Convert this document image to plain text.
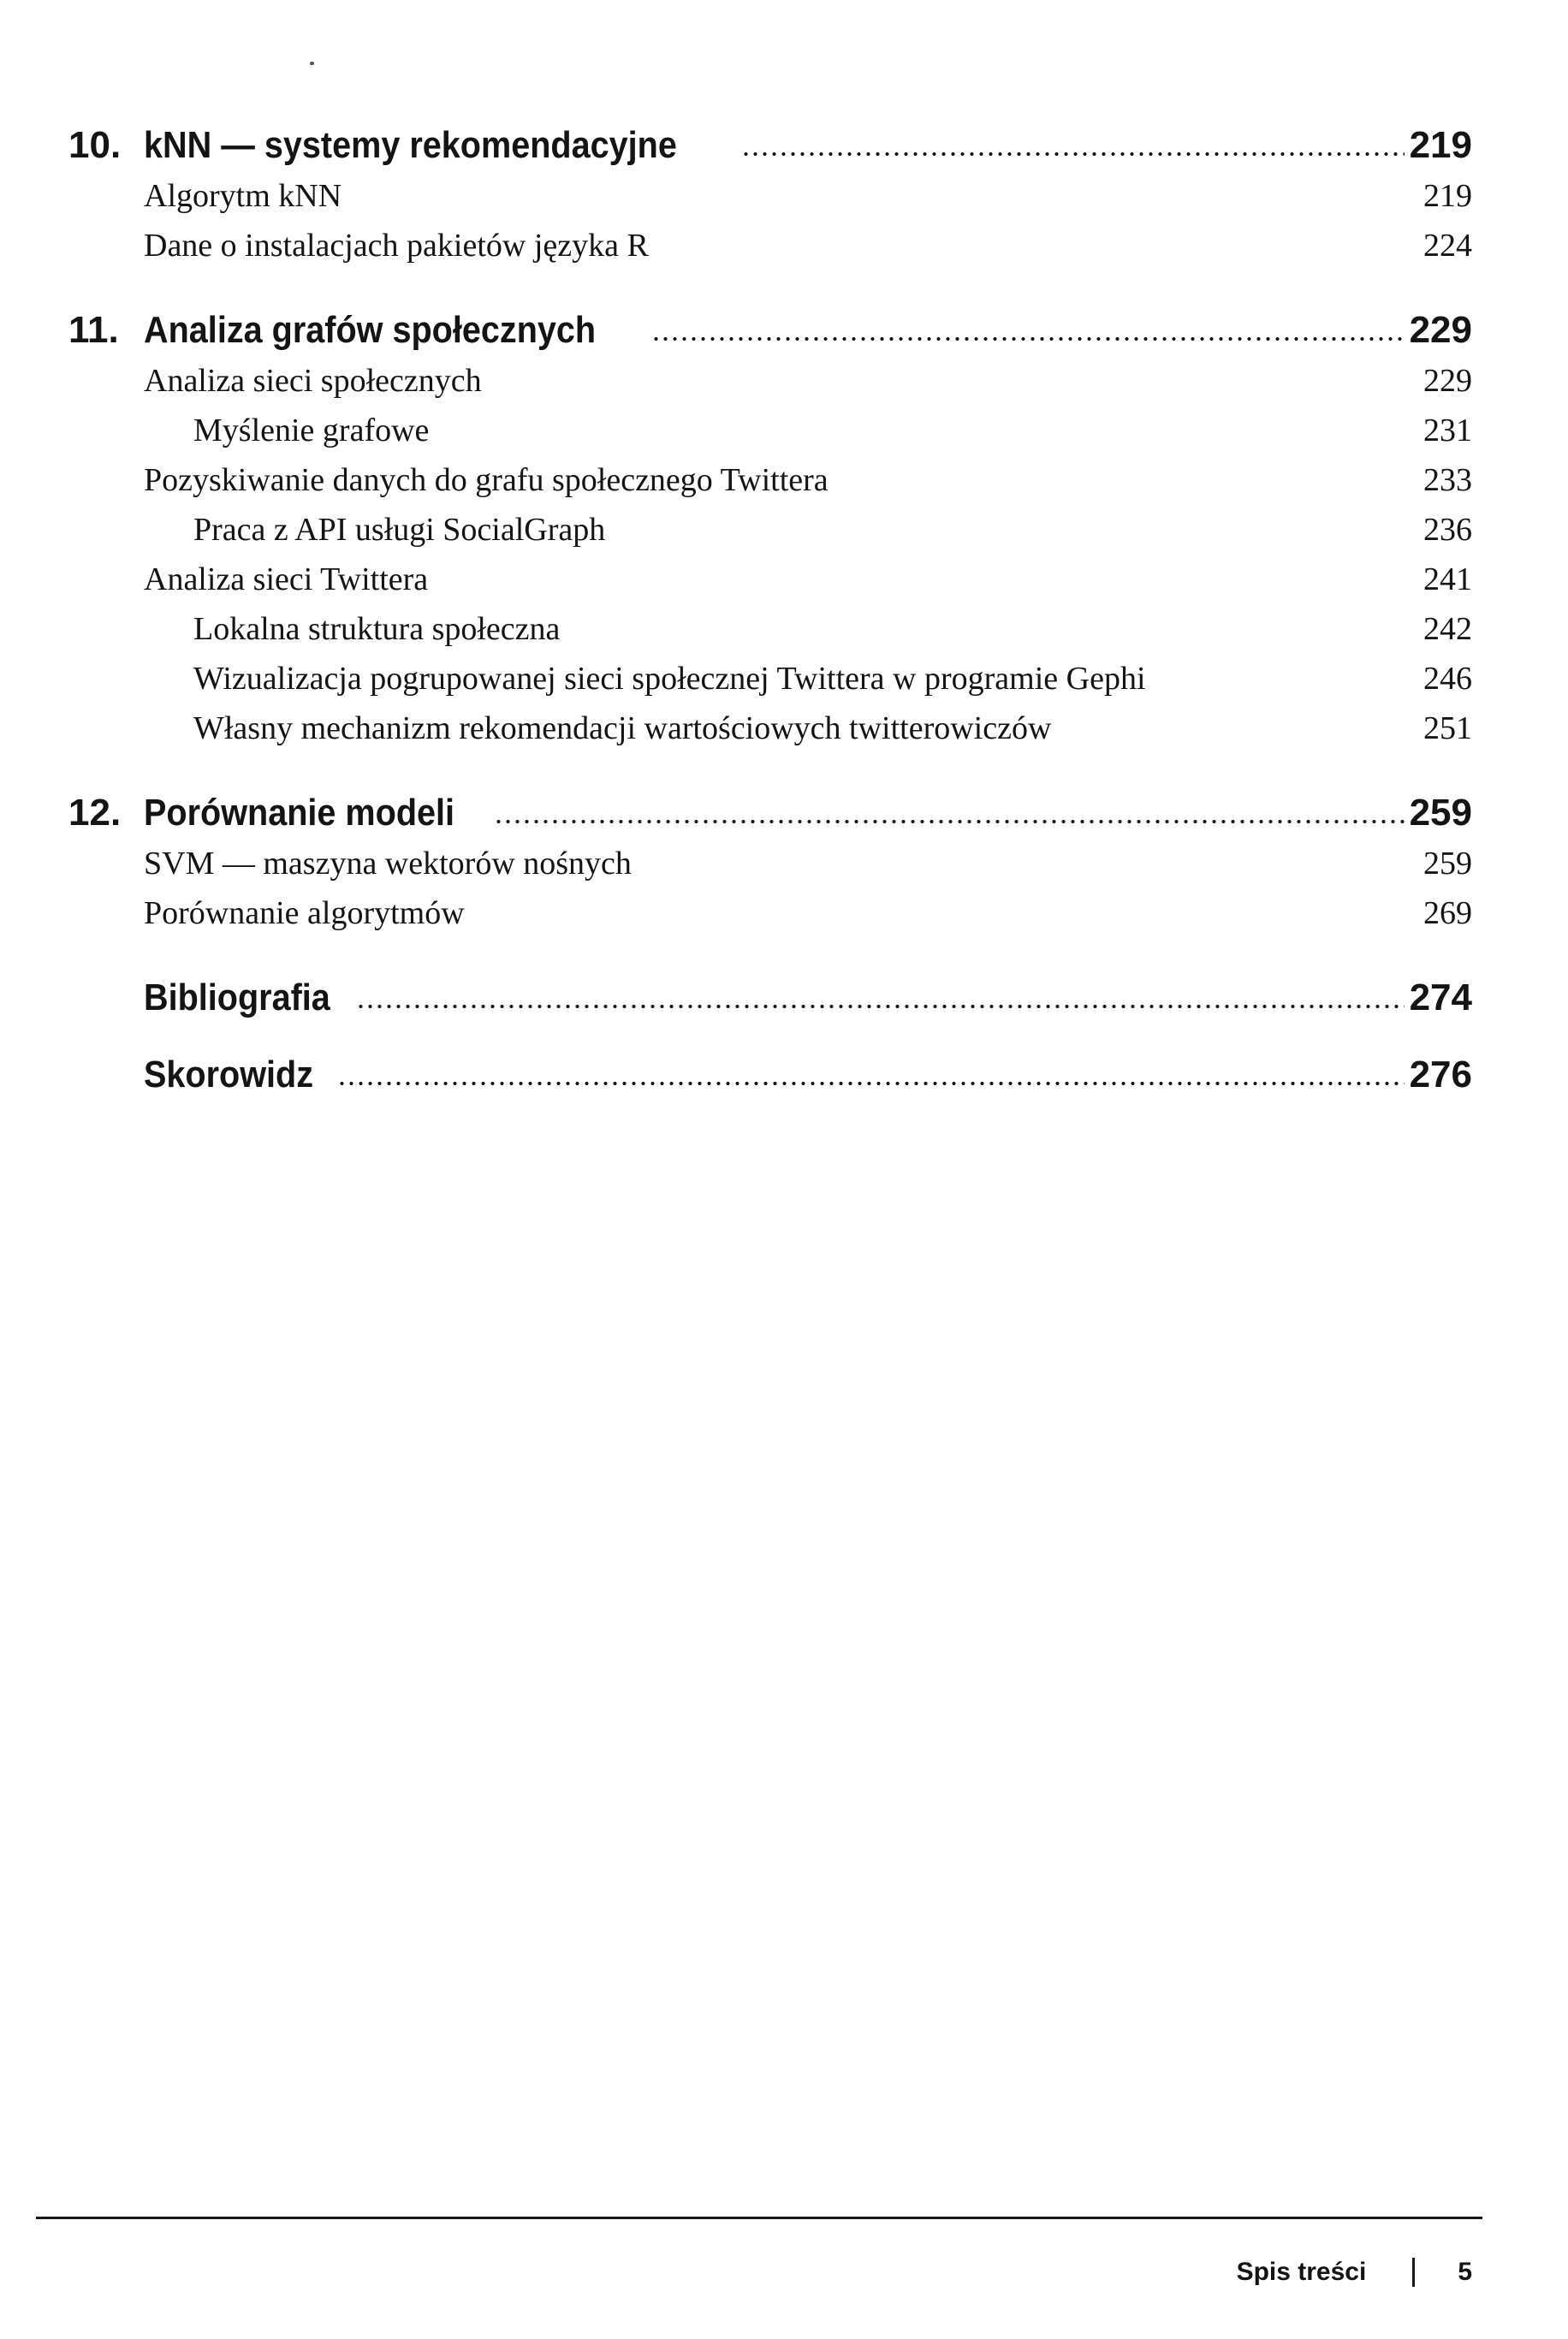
10. kNN — systemy rekomendacyjne	219
Algorytm kNN	219
Dane o instalacjach pakietów języka R	224
11. Analiza grafów społecznych	229
Analiza sieci społecznych	229
Myślenie grafowe	231
Pozyskiwanie danych do grafu społecznego Twittera	233
Praca z API usługi SocialGraph	236
Analiza sieci Twittera	241
Lokalna struktura społeczna	242
Wizualizacja pogrupowanej sieci społecznej Twittera w programie Gephi	246
Własny mechanizm rekomendacji wartościowych twitterowiczów	251
12. Porównanie modeli	259
SVM — maszyna wektorów nośnych	259
Porównanie algorytmów	269
Bibliografia	274
Skorowidz	276
Spis treści	5
